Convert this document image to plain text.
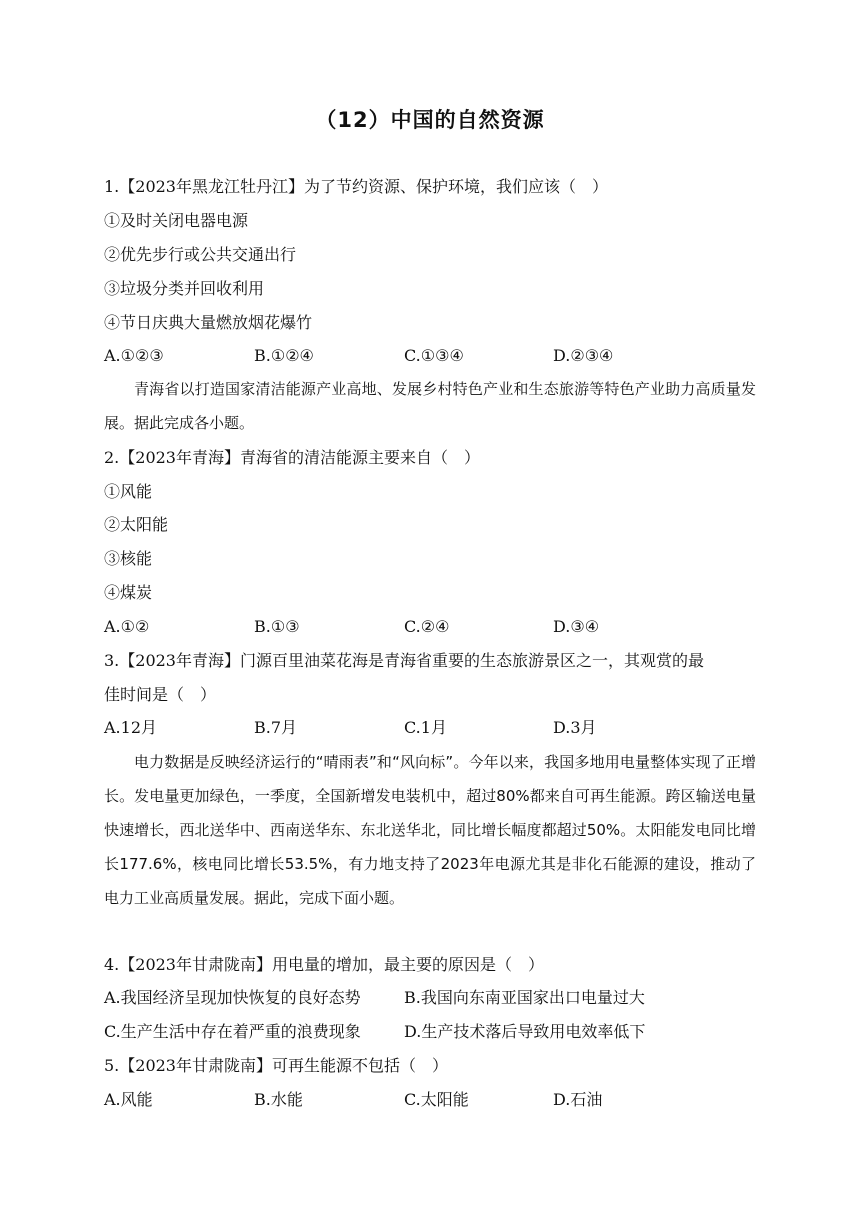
（12）中国的自然资源
1.【2023年黑龙江牡丹江】为了节约资源、保护环境，我们应该（　）
①及时关闭电器电源
②优先步行或公共交通出行
③垃圾分类并回收利用
④节日庆典大量燃放烟花爆竹
A.①②③	B.①②④	C.①③④	D.②③④
青海省以打造国家清洁能源产业高地、发展乡村特色产业和生态旅游等特色产业助力高质量发展。据此完成各小题。
2.【2023年青海】青海省的清洁能源主要来自（　）
①风能
②太阳能
③核能
④煤炭
A.①②	B.①③	C.②④	D.③④
3.【2023年青海】门源百里油菜花海是青海省重要的生态旅游景区之一，其观赏的最
佳时间是（　）
A.12月	B.7月	C.1月	D.3月
电力数据是反映经济运行的“晴雨表”和“风向标”。今年以来，我国多地用电量整体实现了正增长。发电量更加绿色，一季度，全国新增发电装机中，超过80%都来自可再生能源。跨区输送电量快速增长，西北送华中、西南送华东、东北送华北，同比增长幅度都超过50%。太阳能发电同比增长177.6%，核电同比增长53.5%，有力地支持了2023年电源尤其是非化石能源的建设，推动了电力工业高质量发展。据此，完成下面小题。
4.【2023年甘肃陇南】用电量的增加，最主要的原因是（　）
A.我国经济呈现加快恢复的良好态势	B.我国向东南亚国家出口电量过大
C.生产生活中存在着严重的浪费现象	D.生产技术落后导致用电效率低下
5.【2023年甘肃陇南】可再生能源不包括（　）
A.风能	B.水能	C.太阳能	D.石油
